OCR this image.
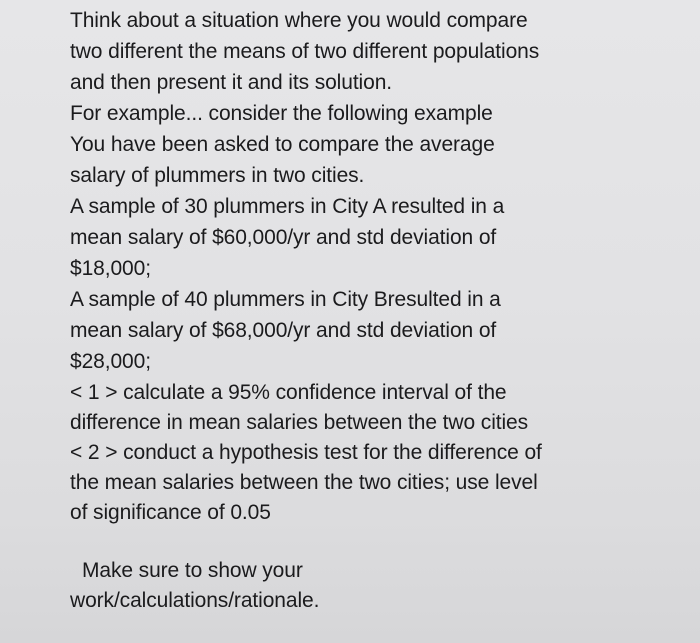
Think about a situation where you would compare
two different the means of two different populations
and then present it and its solution.
For example... consider the following example
You have been asked to compare the average
salary of plummers in two cities.
A sample of 30 plummers in City A resulted in a
mean salary of $60,000/yr and std deviation of
$18,000;
A sample of 40 plummers in City Bresulted in a
mean salary of $68,000/yr and std deviation of
$28,000;
< 1 > calculate a 95% confidence interval of the
difference in mean salaries between the two cities
< 2 > conduct a hypothesis test for the difference of
the mean salaries between the two cities; use level
of significance of 0.05
Make sure to show your
work/calculations/rationale.
